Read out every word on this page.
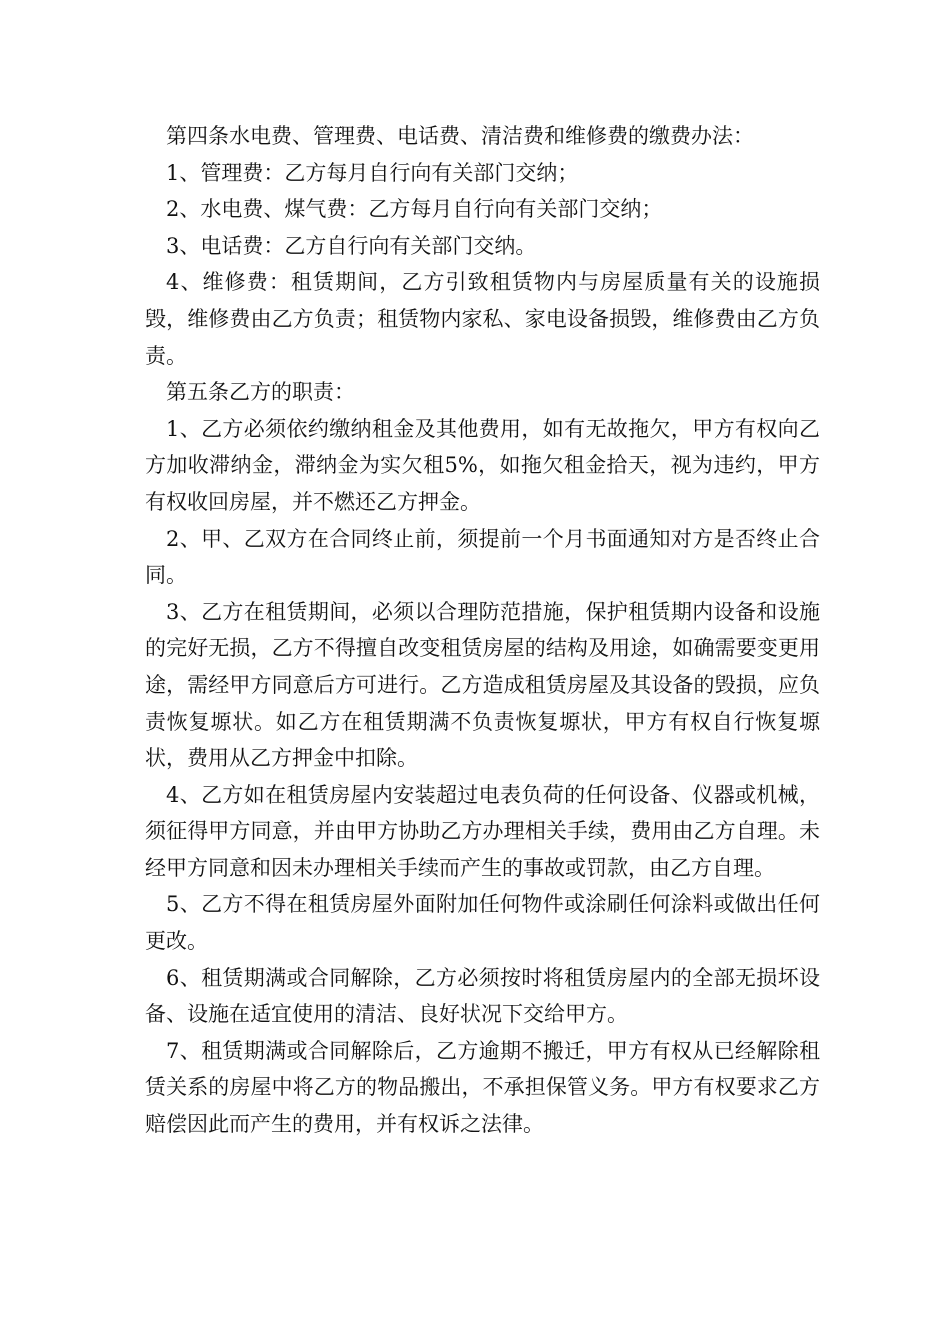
第四条水电费、管理费、电话费、清洁费和维修费的缴费办法：

1、管理费：乙方每月自行向有关部门交纳；

2、水电费、煤气费：乙方每月自行向有关部门交纳；

3、电话费：乙方自行向有关部门交纳。

4、维修费：租赁期间，乙方引致租赁物内与房屋质量有关的设施损毁，维修费由乙方负责；租赁物内家私、家电设备损毁，维修费由乙方负责。

第五条乙方的职责：

1、乙方必须依约缴纳租金及其他费用，如有无故拖欠，甲方有权向乙方加收滞纳金，滞纳金为实欠租5%，如拖欠租金拾天，视为违约，甲方有权收回房屋，并不燃还乙方押金。

2、甲、乙双方在合同终止前，须提前一个月书面通知对方是否终止合同。

3、乙方在租赁期间，必须以合理防范措施，保护租赁期内设备和设施的完好无损，乙方不得擅自改变租赁房屋的结构及用途，如确需要变更用途，需经甲方同意后方可进行。乙方造成租赁房屋及其设备的毁损，应负责恢复塬状。如乙方在租赁期满不负责恢复塬状，甲方有权自行恢复塬状，费用从乙方押金中扣除。

4、乙方如在租赁房屋内安装超过电表负荷的任何设备、仪器或机械，须征得甲方同意，并由甲方协助乙方办理相关手续，费用由乙方自理。未经甲方同意和因未办理相关手续而产生的事故或罚款，由乙方自理。

5、乙方不得在租赁房屋外面附加任何物件或涂刷任何涂料或做出任何更改。

6、租赁期满或合同解除，乙方必须按时将租赁房屋内的全部无损坏设备、设施在适宜使用的清洁、良好状况下交给甲方。

7、租赁期满或合同解除后，乙方逾期不搬迁，甲方有权从已经解除租赁关系的房屋中将乙方的物品搬出，不承担保管义务。甲方有权要求乙方赔偿因此而产生的费用，并有权诉之法律。
